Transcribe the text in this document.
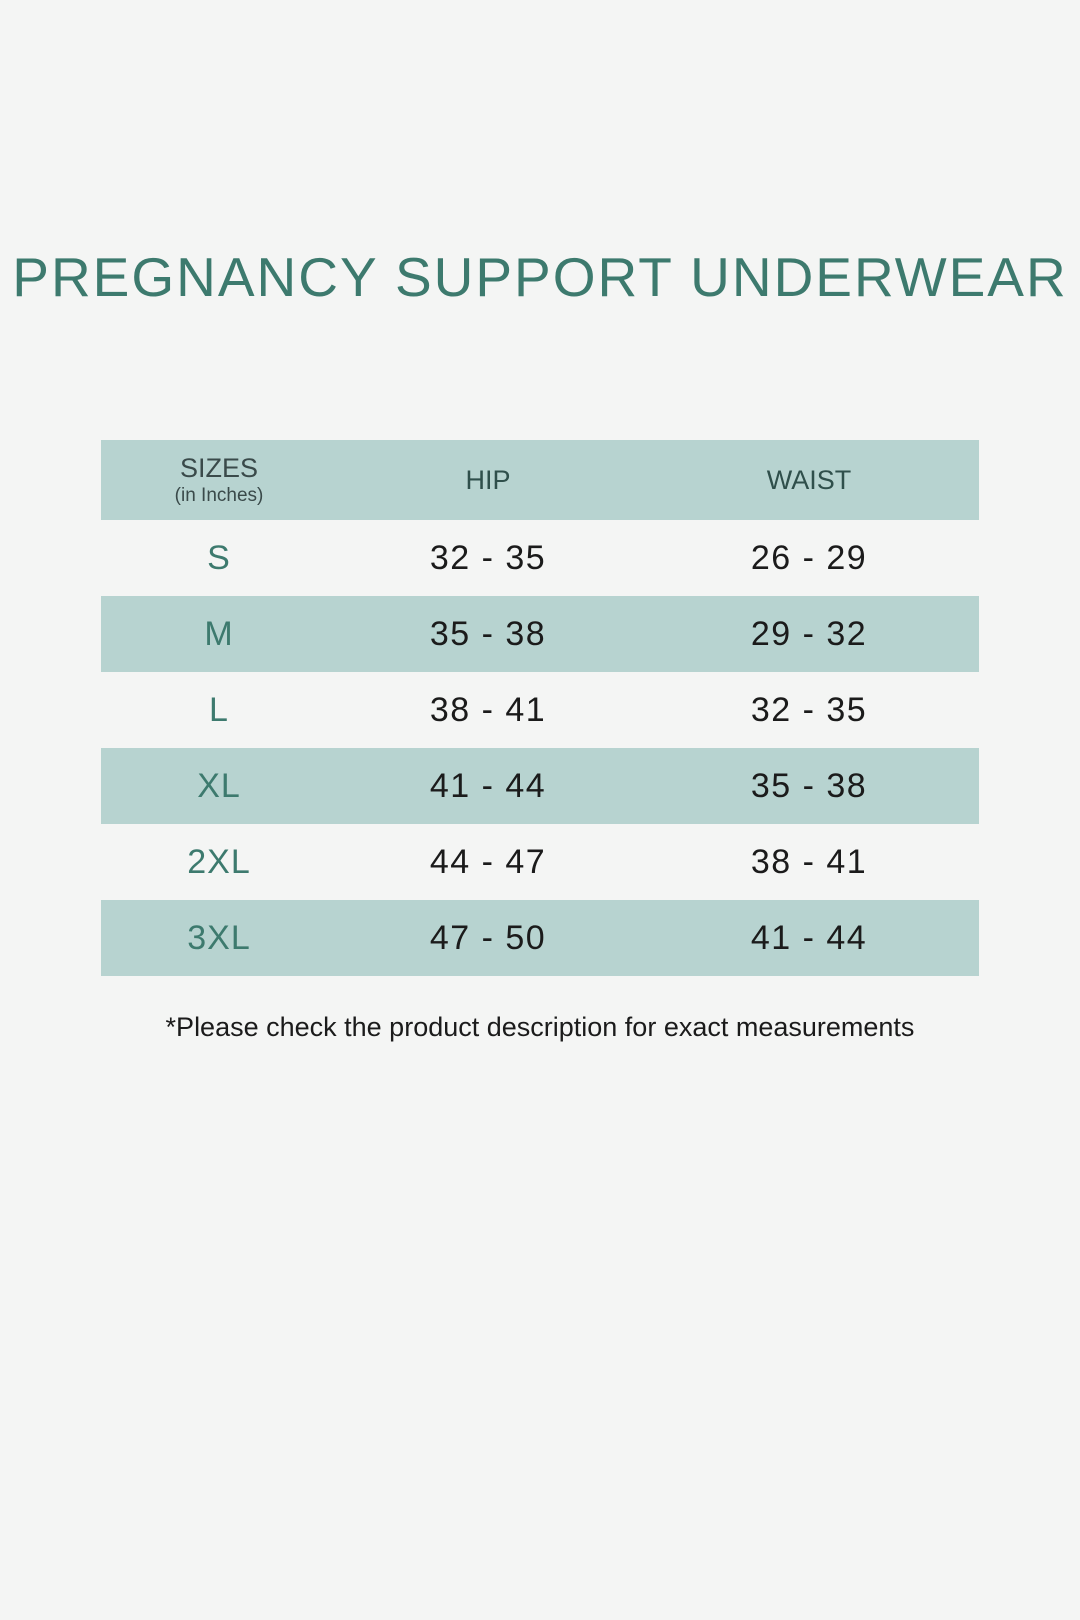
PREGNANCY SUPPORT UNDERWEAR
SIZES
(in Inches)	HIP	WAIST
S	32 - 35	26 - 29
M	35 - 38	29 - 32
L	38 - 41	32 - 35
XL	41 - 44	35 - 38
2XL	44 - 47	38 - 41
3XL	47 - 50	41 - 44
*Please check the product description for exact measurements
